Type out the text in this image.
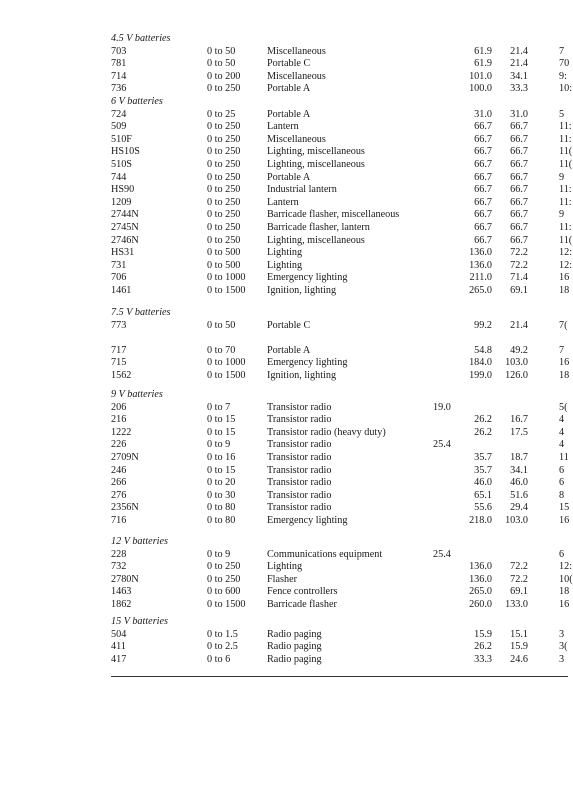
4.5 V batteries
703	0 to 50	Miscellaneous	61.9 21.4	7
781	0 to 50	Portable C	61.9 21.4	70
714	0 to 200	Miscellaneous	101.0 34.1	9:
736	0 to 250	Portable A	100.0 33.3	10:
6 V batteries
724	0 to 25	Portable A	31.0 31.0	5
509	0 to 250	Lantern	66.7 66.7	11:
510F	0 to 250	Miscellaneous	66.7 66.7	11:
HS10S	0 to 250	Lighting, miscellaneous	66.7 66.7	11(
510S	0 to 250	Lighting, miscellaneous	66.7 66.7	11(
744	0 to 250	Portable A	66.7 66.7	9
HS90	0 to 250	Industrial lantern	66.7 66.7	11:
1209	0 to 250	Lantern	66.7 66.7	11:
2744N	0 to 250	Barricade flasher, miscellaneous	66.7 66.7	9
2745N	0 to 250	Barricade flasher, lantern	66.7 66.7	11:
2746N	0 to 250	Lighting, miscellaneous	66.7 66.7	11(
HS31	0 to 500	Lighting	136.0 72.2	12:
731	0 to 500	Lighting	136.0 72.2	12:
706	0 to 1000 Emergency lighting	211.0 71.4	16
1461	0 to 1500 Ignition, lighting	265.0 69.1	18
7.5 V batteries
773	0 to 50	Portable C	99.2 21.4	7(
717	0 to 70	Portable A	54.8 49.2	7
715	0 to 1000 Emergency lighting	184.0 103.0	16
1562	0 to 1500 Ignition, lighting	199.0 126.0	18
9 V batteries
206	0 to 7	Transistor radio	19.0	5(
216	0 to 15	Transistor radio	26.2 16.7	4
1222	0 to 15	Transistor radio (heavy duty)	26.2 17.5	4
226	0 to 9	Transistor radio	25.4	4
2709N	0 to 16	Transistor radio	35.7 18.7	11
246	0 to 15	Transistor radio	35.7 34.1	6
266	0 to 20	Transistor radio	46.0 46.0	6
276	0 to 30	Transistor radio	65.1 51.6	8
2356N	0 to 80	Transistor radio	55.6 29.4	15
716	0 to 80	Emergency lighting	218.0 103.0	16
12 V batteries
228	0 to 9	Communications equipment	25.4	6
732	0 to 250	Lighting	136.0 72.2	12:
2780N	0 to 250	Flasher	136.0 72.2	10(
1463	0 to 600	Fence controllers	265.0 69.1	18
1862	0 to 1500 Barricade flasher	260.0 133.0	16
15 V batteries
504	0 to 1.5	Radio paging	15.9 15.1	3
411	0 to 2.5	Radio paging	26.2 15.9	3(
417	0 to 6	Radio paging	33.3 24.6	3
